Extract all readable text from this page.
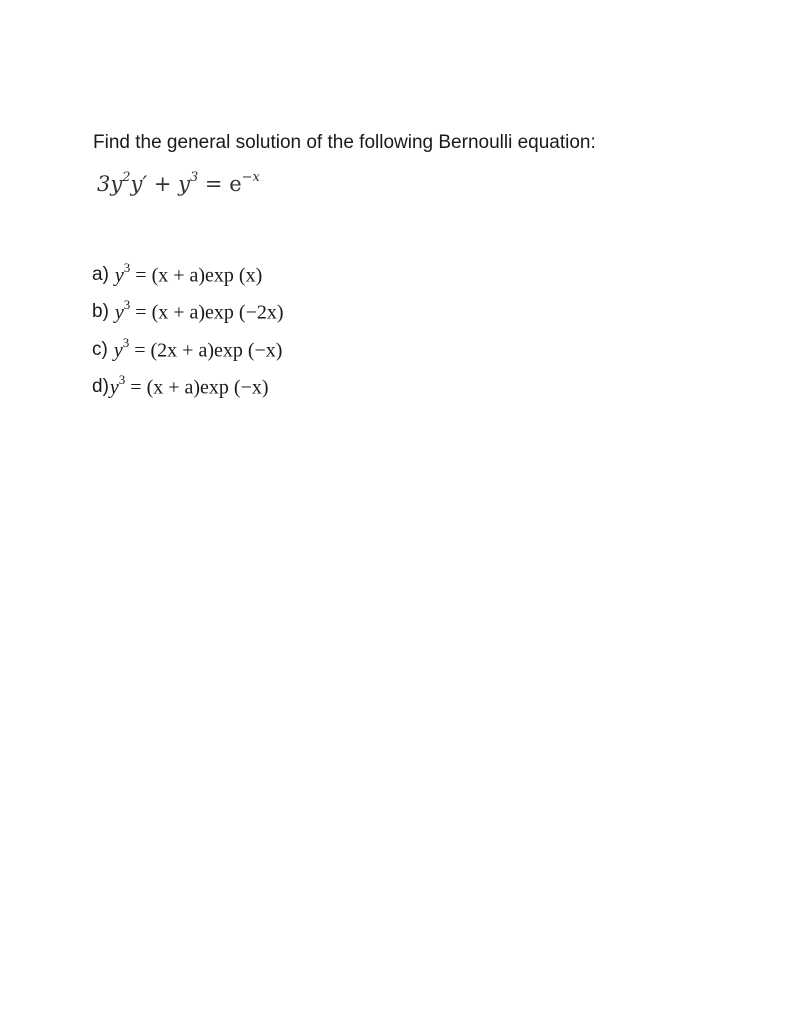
Find the general solution of the following Bernoulli equation:
$3y^2y' + y^3 = e^{-x}$
a) $y^3 = (x + a)\exp$ (x)
b) $y^3 = (x + a)\exp$ (−2x)
c) $y^3 = (2x + a)\exp$ (−x)
d) $y^3 = (x + a)\exp$ (−x)
